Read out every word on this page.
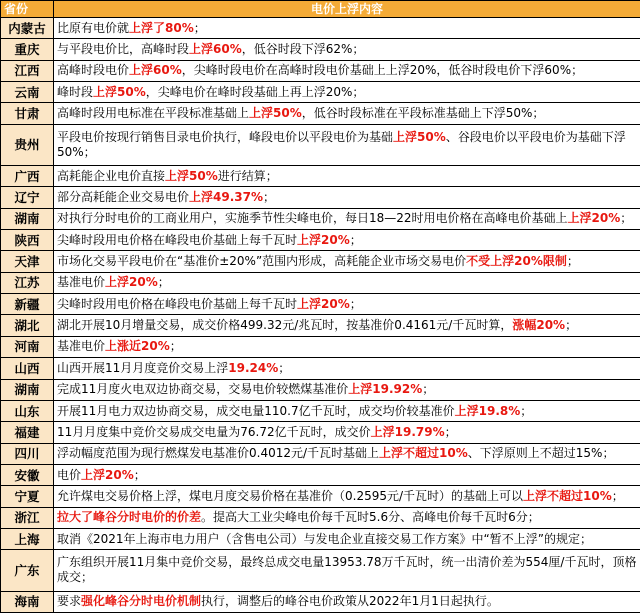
省份	电价上浮内容
内蒙古	比原有电价就上浮了80%；
重庆	与平段电价比，高峰时段上浮60%，低谷时段下浮62%；
江西	高峰时段电价上浮60%，尖峰时段电价在高峰时段电价基础上上浮20%，低谷时段电价下浮60%；
云南	峰时段上浮50%，尖峰电价在峰时段基础上再上浮20%；
甘肃	高峰时段用电标准在平段标准基础上上浮50%，低谷时段标准在平段标准基础上下浮50%；
贵州	平段电价按现行销售目录电价执行，峰段电价以平段电价为基础上浮50%、谷段电价以平段电价为基础下浮50%；
广西	高耗能企业电价直接上浮50%进行结算；
辽宁	部分高耗能企业交易电价上浮49.37%；
湖南	对执行分时电价的工商业用户，实施季节性尖峰电价，每日18—22时用电价格在高峰电价基础上上浮20%；
陕西	尖峰时段用电价格在峰段电价基础上每千瓦时上浮20%；
天津	市场化交易平段电价在“基准价±20%”范围内形成，高耗能企业市场交易电价不受上浮20%限制；
江苏	基准电价上浮20%；
新疆	尖峰时段用电价格在峰段电价基础上每千瓦时上浮20%；
湖北	湖北开展10月增量交易，成交价格499.32元/兆瓦时，按基准价0.4161元/千瓦时算，涨幅20%；
河南	基准电价上涨近20%；
山西	山西开展11月月度竞价交易上浮19.24%；
湖南	完成11月度火电双边协商交易，交易电价较燃煤基准价上浮19.92%；
山东	开展11月电力双边协商交易，成交电量110.7亿千瓦时，成交均价较基准价上浮19.8%；
福建	11月月度集中竞价交易成交电量为76.72亿千瓦时，成交价上浮19.79%；
四川	浮动幅度范围为现行燃煤发电基准价0.4012元/千瓦时基础上上浮不超过10%、下浮原则上不超过15%；
安徽	电价上浮20%；
宁夏	允许煤电交易价格上浮，煤电月度交易价格在基准价（0.2595元/千瓦时）的基础上可以上浮不超过10%；
浙江	拉大了峰谷分时电价的价差。提高大工业尖峰电价每千瓦时5.6分、高峰电价每千瓦时6分；
上海	取消《2021年上海市电力用户（含售电公司）与发电企业直接交易工作方案》中“暂不上浮”的规定；
广东	广东组织开展11月集中竞价交易，最终总成交电量13953.78万千瓦时，统一出清价差为554厘/千瓦时，顶格成交；
海南	要求强化峰谷分时电价机制执行，调整后的峰谷电价政策从2022年1月1日起执行。
